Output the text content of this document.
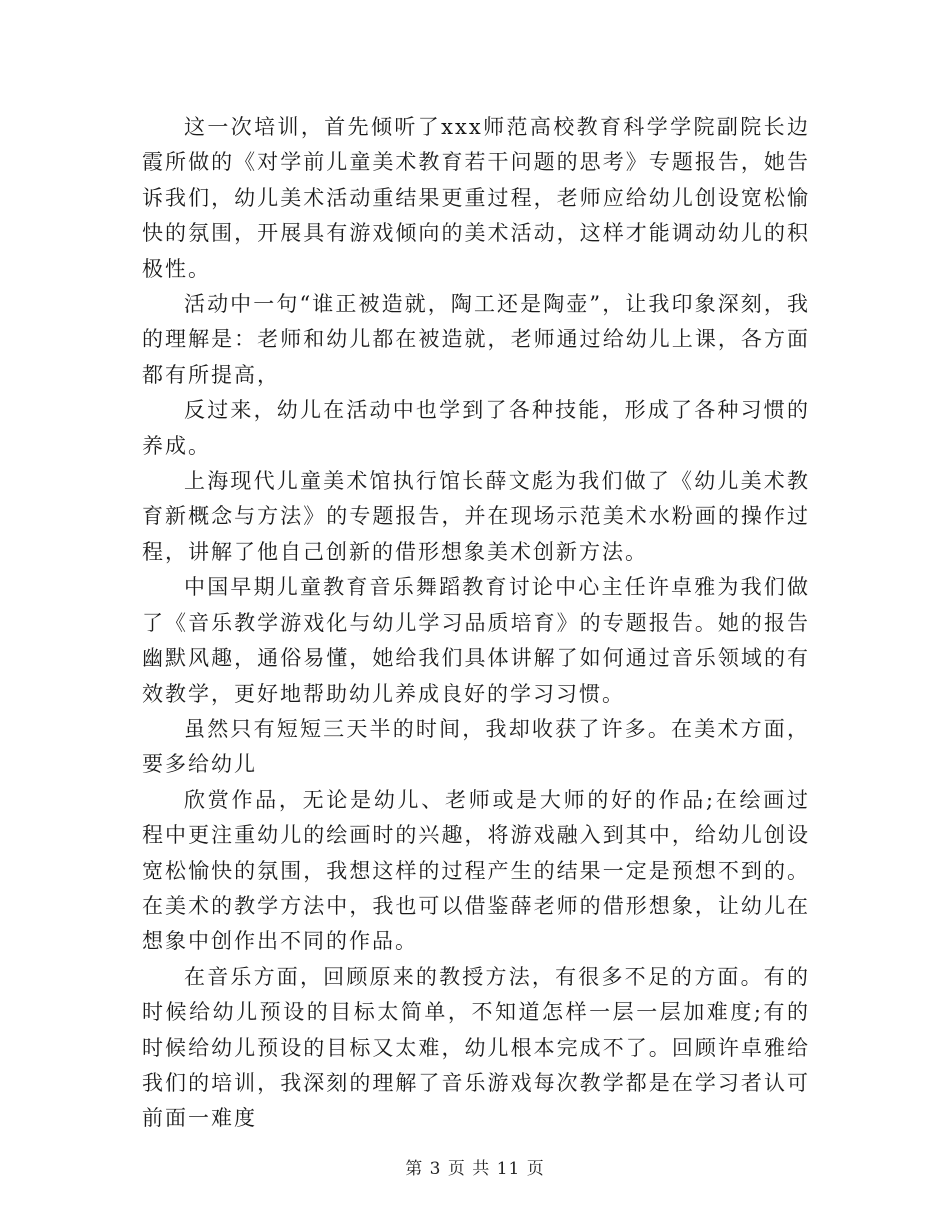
这一次培训，首先倾听了xxx师范高校教育科学学院副院长边霞所做的《对学前儿童美术教育若干问题的思考》专题报告，她告诉我们，幼儿美术活动重结果更重过程，老师应给幼儿创设宽松愉快的氛围，开展具有游戏倾向的美术活动，这样才能调动幼儿的积极性。

活动中一句“谁正被造就，陶工还是陶壶”，让我印象深刻，我的理解是：老师和幼儿都在被造就，老师通过给幼儿上课，各方面都有所提高，

反过来，幼儿在活动中也学到了各种技能，形成了各种习惯的养成。

上海现代儿童美术馆执行馆长薛文彪为我们做了《幼儿美术教育新概念与方法》的专题报告，并在现场示范美术水粉画的操作过程，讲解了他自己创新的借形想象美术创新方法。

中国早期儿童教育音乐舞蹈教育讨论中心主任许卓雅为我们做了《音乐教学游戏化与幼儿学习品质培育》的专题报告。她的报告幽默风趣，通俗易懂，她给我们具体讲解了如何通过音乐领域的有效教学，更好地帮助幼儿养成良好的学习习惯。

虽然只有短短三天半的时间，我却收获了许多。在美术方面，要多给幼儿

欣赏作品，无论是幼儿、老师或是大师的好的作品;在绘画过程中更注重幼儿的绘画时的兴趣，将游戏融入到其中，给幼儿创设宽松愉快的氛围，我想这样的过程产生的结果一定是预想不到的。在美术的教学方法中，我也可以借鉴薛老师的借形想象，让幼儿在想象中创作出不同的作品。

在音乐方面，回顾原来的教授方法，有很多不足的方面。有的时候给幼儿预设的目标太简单，不知道怎样一层一层加难度;有的时候给幼儿预设的目标又太难，幼儿根本完成不了。回顾许卓雅给我们的培训，我深刻的理解了音乐游戏每次教学都是在学习者认可前面一难度

第 3 页 共 11 页
